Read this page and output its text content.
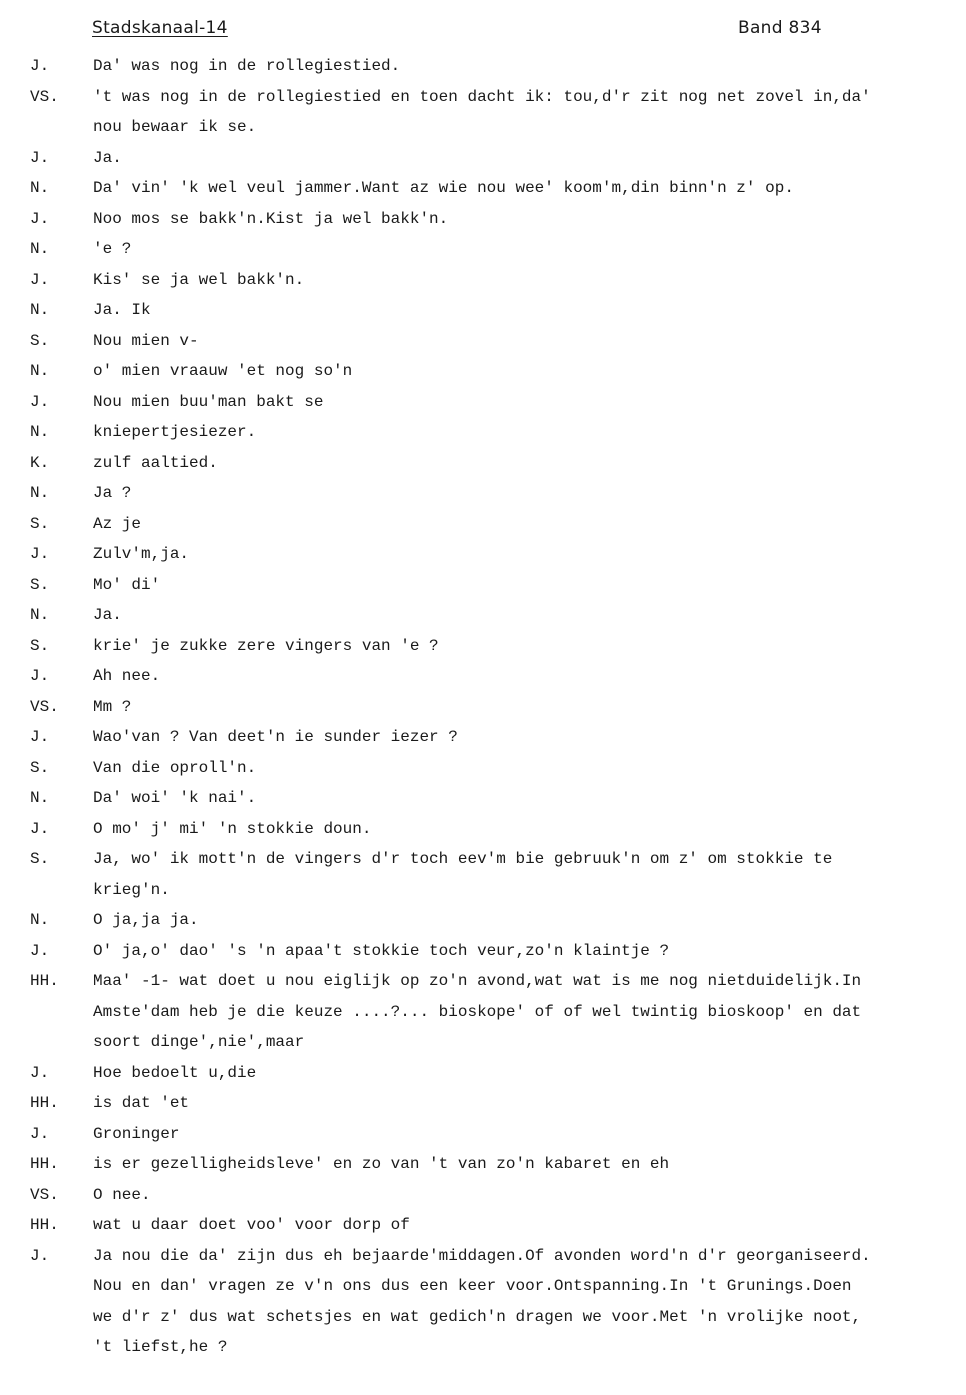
Stadskanaal-14	Band 834
J.	Da' was nog in de rollegiestied.
VS. 't was nog in de rollegiestied en toen dacht ik: tou,d'r zit nog net zovel in,da'
nou bewaar ik se.
J.	Ja.
N.	Da' vin' 'k wel veul jammer.Want az wie nou wee' koom'm,din binn'n z' op.
J.	Noo mos se bakk'n.Kist ja wel bakk'n.
N.	'e ?
J.	Kis' se ja wel bakk'n.
N.	Ja. Ik
S.	Nou mien v-
N.	o' mien vraauw 'et nog so'n
J.	Nou mien buu'man bakt se
N.	kniepertjesiezer.
K.	zulf aaltied.
N.	Ja ?
S.	Az je
J.	Zulv'm,ja.
S.	Mo' di'
N.	Ja.
S.	krie' je zukke zere vingers van 'e ?
J.	Ah nee.
VS. Mm ?
J.	Wao'van ? Van deet'n ie sunder iezer ?
S.	Van die oproll'n.
N.	Da' woi' 'k nai'.
J.	O mo' j' mi' 'n stokkie doun.
S.	Ja, wo' ik mott'n de vingers d'r toch eev'm bie gebruuk'n om z' om stokkie te
krieg'n.
N.	O ja,ja ja.
J.	O' ja,o' dao' 's 'n apaa't stokkie toch veur,zo'n klaintje ?
HH. Maa' -1- wat doet u nou eiglijk op zo'n avond,wat wat is me nog nietduidelijk.In
Amste'dam heb je die keuze ....?... bioskope' of of wel twintig bioskoop' en dat
soort dinge',nie',maar
J.	Hoe bedoelt u,die
HH. is dat 'et
J.	Groninger
HH. is er gezelligheidsleve' en zo van 't van zo'n kabaret en eh
VS. O nee.
HH. wat u daar doet voo' voor dorp of
J.	Ja nou die da' zijn dus eh bejaarde'middagen.Of avonden word'n d'r georganiseerd.
Nou en dan' vragen ze v'n ons dus een keer voor.Ontspanning.In 't Grunings.Doen
we d'r z' dus wat schetsjes en wat gedich'n dragen we voor.Met 'n vrolijke noot,
't liefst,he ?
